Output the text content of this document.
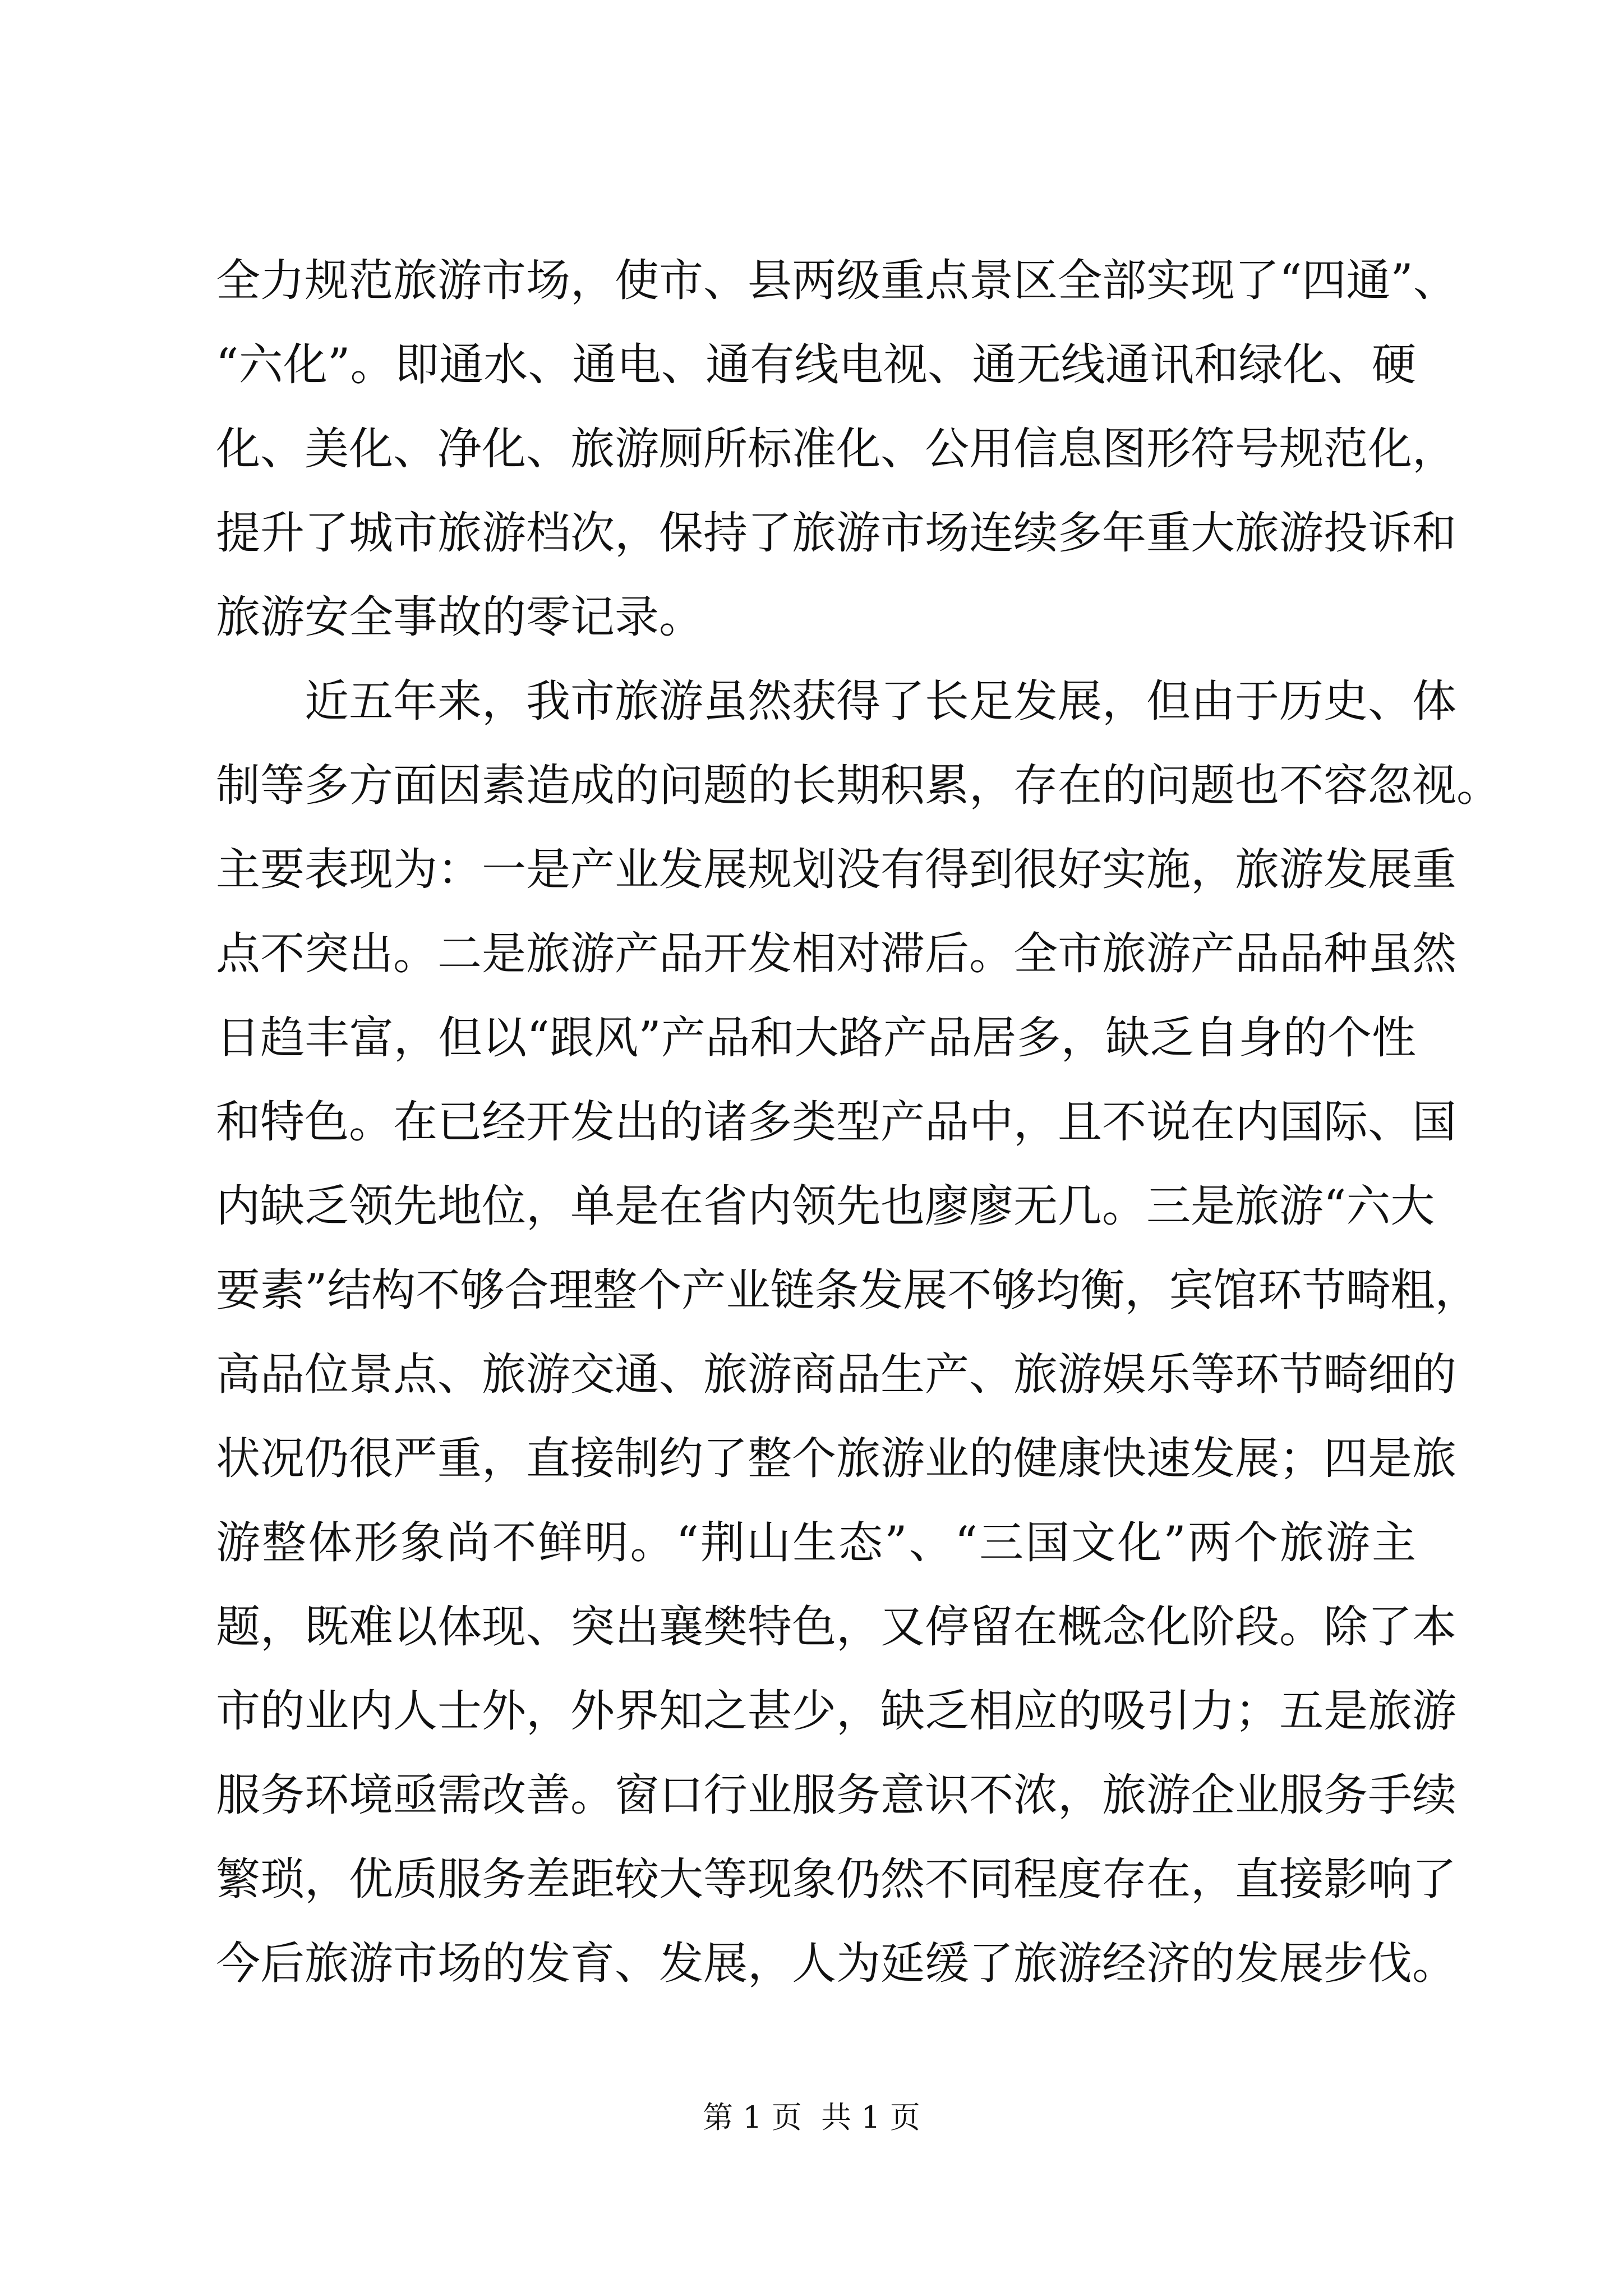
全力规范旅游市场，使市、县两级重点景区全部实现了“四通”、
“六化”。即通水、通电、通有线电视、通无线通讯和绿化、硬
化、美化、净化、旅游厕所标准化、公用信息图形符号规范化，
提升了城市旅游档次，保持了旅游市场连续多年重大旅游投诉和
旅游安全事故的零记录。
近五年来，我市旅游虽然获得了长足发展，但由于历史、体
制等多方面因素造成的问题的长期积累，存在的问题也不容忽视。
主要表现为：一是产业发展规划没有得到很好实施，旅游发展重
点不突出。二是旅游产品开发相对滞后。全市旅游产品品种虽然
日趋丰富，但以“跟风”产品和大路产品居多，缺乏自身的个性
和特色。在已经开发出的诸多类型产品中，且不说在内国际、国
内缺乏领先地位，单是在省内领先也廖廖无几。三是旅游“六大
要素”结构不够合理整个产业链条发展不够均衡，宾馆环节畸粗，
高品位景点、旅游交通、旅游商品生产、旅游娱乐等环节畸细的
状况仍很严重，直接制约了整个旅游业的健康快速发展；四是旅
游整体形象尚不鲜明。“荆山生态”、“三国文化”两个旅游主
题，既难以体现、突出襄樊特色，又停留在概念化阶段。除了本
市的业内人士外，外界知之甚少，缺乏相应的吸引力；五是旅游
服务环境亟需改善。窗口行业服务意识不浓，旅游企业服务手续
繁琐，优质服务差距较大等现象仍然不同程度存在，直接影响了
今后旅游市场的发育、发展，人为延缓了旅游经济的发展步伐。
第 1 页  共 1 页
